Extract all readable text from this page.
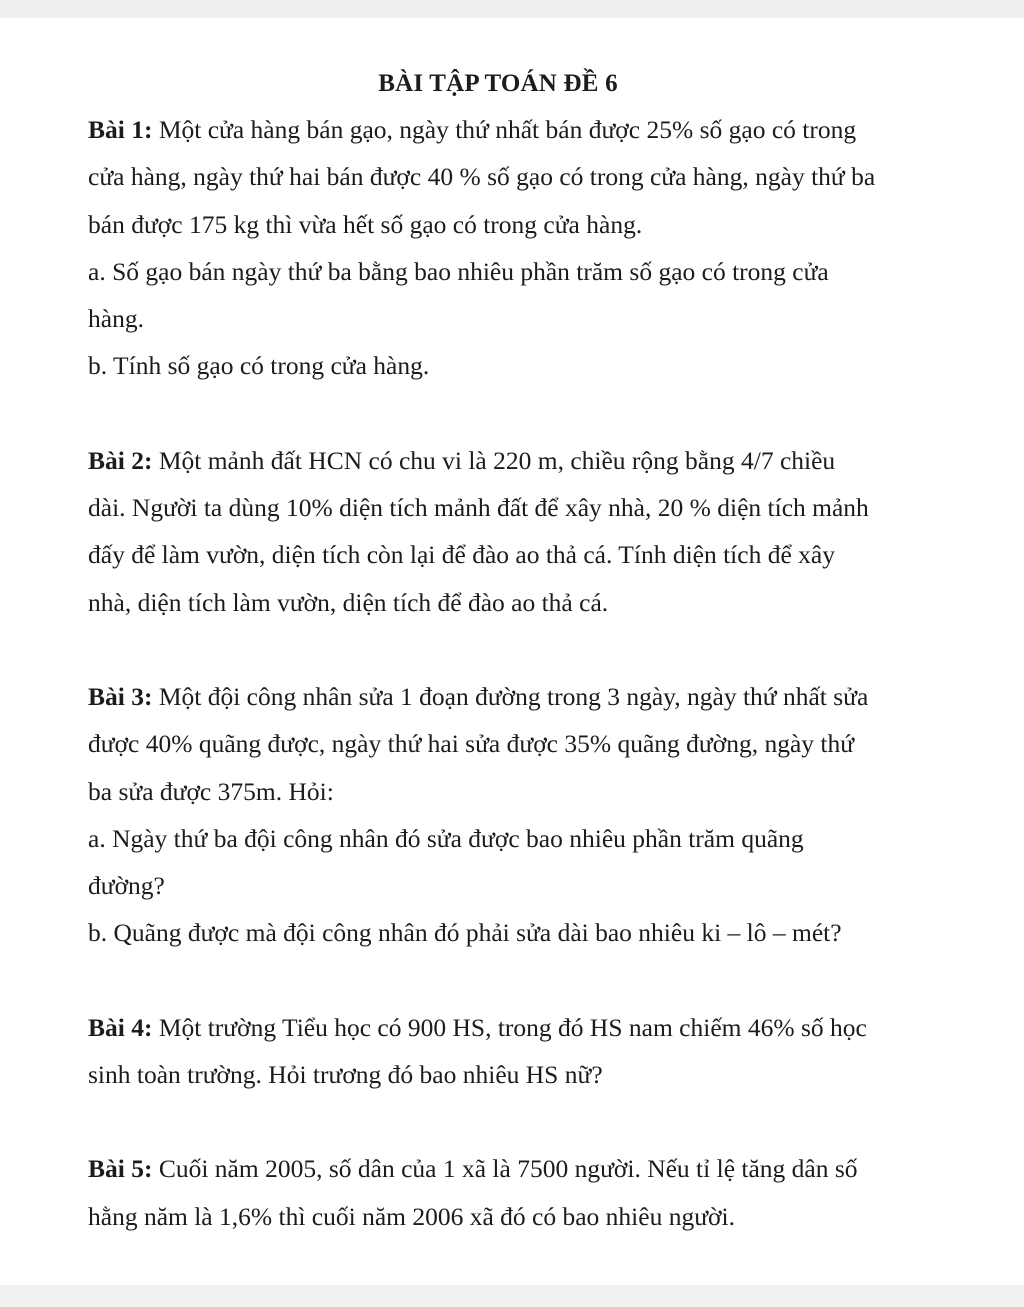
BÀI TẬP TOÁN ĐỀ 6

Bài 1: Một cửa hàng bán gạo, ngày thứ nhất bán được 25% số gạo có trong

cửa hàng, ngày thứ hai bán được 40 % số gạo có trong cửa hàng, ngày thứ ba

bán được 175 kg thì vừa hết số gạo có trong cửa hàng.

a. Số gạo bán ngày thứ ba bằng bao nhiêu phần trăm số gạo có trong cửa

hàng.

b. Tính số gạo có trong cửa hàng.

Bài 2: Một mảnh đất HCN có chu vi là 220 m, chiều rộng bằng 4/7 chiều

dài. Người ta dùng 10% diện tích mảnh đất để xây nhà, 20 % diện tích mảnh

đấy để làm vườn, diện tích còn lại để đào ao thả cá. Tính diện tích để xây

nhà, diện tích làm vườn, diện tích để đào ao thả cá.

Bài 3: Một đội công nhân sửa 1 đoạn đường trong 3 ngày, ngày thứ nhất sửa

được 40% quãng được, ngày thứ hai sửa được 35% quãng đường, ngày thứ

ba sửa được 375m. Hỏi:

a. Ngày thứ ba đội công nhân đó sửa được bao nhiêu phần trăm quãng

đường?

b. Quãng được mà đội công nhân đó phải sửa dài bao nhiêu ki – lô – mét?

Bài 4: Một trường Tiểu học có 900 HS, trong đó HS nam chiếm 46% số học

sinh toàn trường. Hỏi trương đó bao nhiêu HS nữ?

Bài 5: Cuối năm 2005, số dân của 1 xã là 7500 người. Nếu tỉ lệ tăng dân số

hằng năm là 1,6% thì cuối năm 2006 xã đó có bao nhiêu người.
